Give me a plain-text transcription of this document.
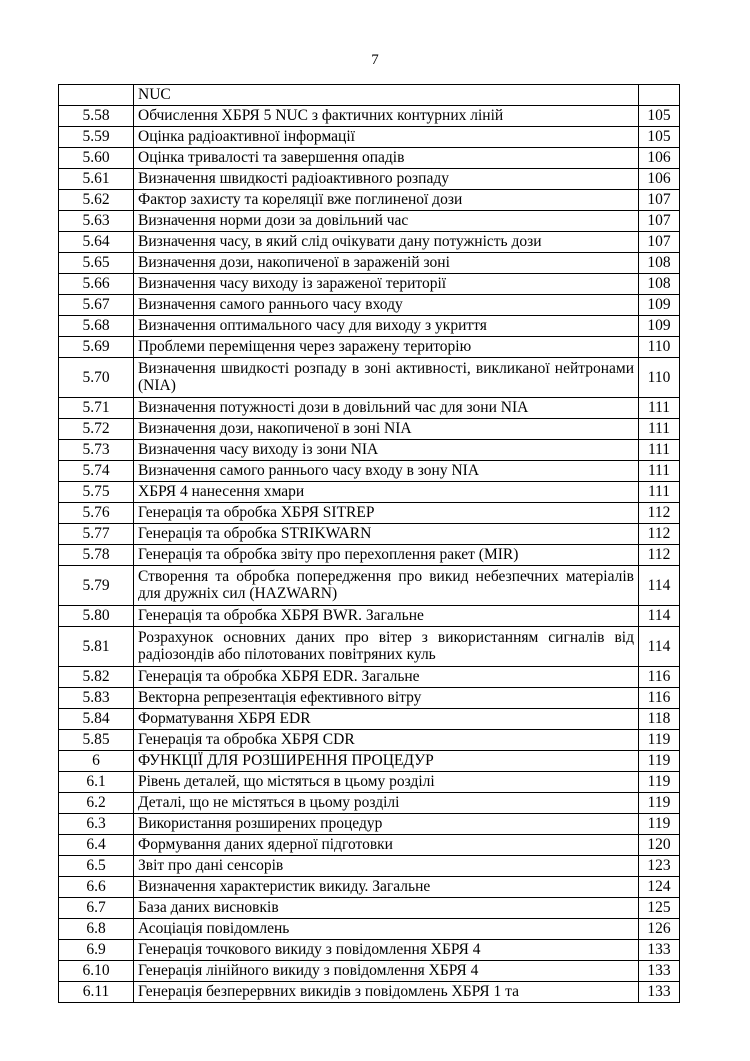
7
	NUC	
5.58	Обчислення ХБРЯ 5 NUC з фактичних контурних ліній	105
5.59	Оцінка радіоактивної інформації	105
5.60	Оцінка тривалості та завершення опадів	106
5.61	Визначення швидкості радіоактивного розпаду	106
5.62	Фактор захисту та кореляції вже поглиненої дози	107
5.63	Визначення норми дози за довільний час	107
5.64	Визначення часу, в який слід очікувати дану потужність дози	107
5.65	Визначення дози, накопиченої в зараженій зоні	108
5.66	Визначення часу виходу із зараженої території	108
5.67	Визначення самого раннього часу входу	109
5.68	Визначення оптимального часу для виходу з укриття	109
5.69	Проблеми переміщення через заражену територію	110
5.70	Визначення швидкості розпаду в зоні активності, викликаної нейтронами (NIA)	110
5.71	Визначення потужності дози в довільний час для зони NIA	111
5.72	Визначення дози, накопиченої в зоні NIA	111
5.73	Визначення часу виходу із зони NIA	111
5.74	Визначення самого раннього часу входу в зону NIA	111
5.75	ХБРЯ 4 нанесення хмари	111
5.76	Генерація та обробка ХБРЯ SITREP	112
5.77	Генерація та обробка STRIKWARN	112
5.78	Генерація та обробка звіту про перехоплення ракет (MIR)	112
5.79	Створення та обробка попередження про викид небезпечних матеріалів для дружніх сил (HAZWARN)	114
5.80	Генерація та обробка ХБРЯ BWR. Загальне	114
5.81	Розрахунок основних даних про вітер з використанням сигналів від радіозондів або пілотованих повітряних куль	114
5.82	Генерація та обробка ХБРЯ EDR. Загальне	116
5.83	Векторна репрезентація ефективного вітру	116
5.84	Форматування ХБРЯ EDR	118
5.85	Генерація та обробка ХБРЯ CDR	119
6	ФУНКЦІЇ ДЛЯ РОЗШИРЕННЯ ПРОЦЕДУР	119
6.1	Рівень деталей, що містяться в цьому розділі	119
6.2	Деталі, що не містяться в цьому розділі	119
6.3	Використання розширених процедур	119
6.4	Формування даних ядерної підготовки	120
6.5	Звіт про дані сенсорів	123
6.6	Визначення характеристик викиду. Загальне	124
6.7	База даних висновків	125
6.8	Асоціація повідомлень	126
6.9	Генерація точкового викиду з повідомлення ХБРЯ 4	133
6.10	Генерація лінійного викиду з повідомлення ХБРЯ 4	133
6.11	Генерація безперервних викидів з повідомлень ХБРЯ 1 та	133
